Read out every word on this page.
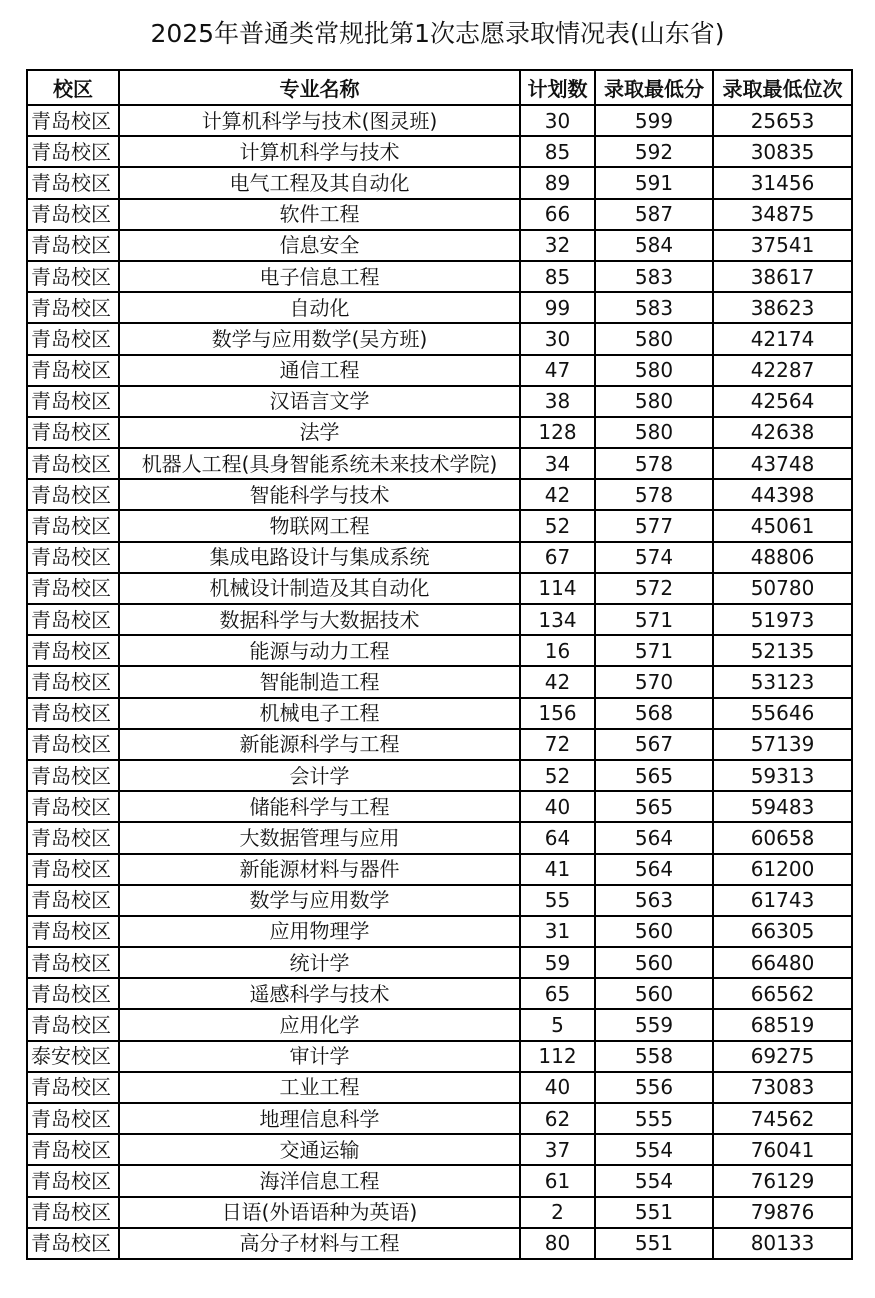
2025年普通类常规批第1次志愿录取情况表(山东省)
校区	专业名称	计划数	录取最低分	录取最低位次
青岛校区	计算机科学与技术(图灵班)	30	599	25653
青岛校区	计算机科学与技术	85	592	30835
青岛校区	电气工程及其自动化	89	591	31456
青岛校区	软件工程	66	587	34875
青岛校区	信息安全	32	584	37541
青岛校区	电子信息工程	85	583	38617
青岛校区	自动化	99	583	38623
青岛校区	数学与应用数学(吴方班)	30	580	42174
青岛校区	通信工程	47	580	42287
青岛校区	汉语言文学	38	580	42564
青岛校区	法学	128	580	42638
青岛校区	机器人工程(具身智能系统未来技术学院)	34	578	43748
青岛校区	智能科学与技术	42	578	44398
青岛校区	物联网工程	52	577	45061
青岛校区	集成电路设计与集成系统	67	574	48806
青岛校区	机械设计制造及其自动化	114	572	50780
青岛校区	数据科学与大数据技术	134	571	51973
青岛校区	能源与动力工程	16	571	52135
青岛校区	智能制造工程	42	570	53123
青岛校区	机械电子工程	156	568	55646
青岛校区	新能源科学与工程	72	567	57139
青岛校区	会计学	52	565	59313
青岛校区	储能科学与工程	40	565	59483
青岛校区	大数据管理与应用	64	564	60658
青岛校区	新能源材料与器件	41	564	61200
青岛校区	数学与应用数学	55	563	61743
青岛校区	应用物理学	31	560	66305
青岛校区	统计学	59	560	66480
青岛校区	遥感科学与技术	65	560	66562
青岛校区	应用化学	5	559	68519
泰安校区	审计学	112	558	69275
青岛校区	工业工程	40	556	73083
青岛校区	地理信息科学	62	555	74562
青岛校区	交通运输	37	554	76041
青岛校区	海洋信息工程	61	554	76129
青岛校区	日语(外语语种为英语)	2	551	79876
青岛校区	高分子材料与工程	80	551	80133
